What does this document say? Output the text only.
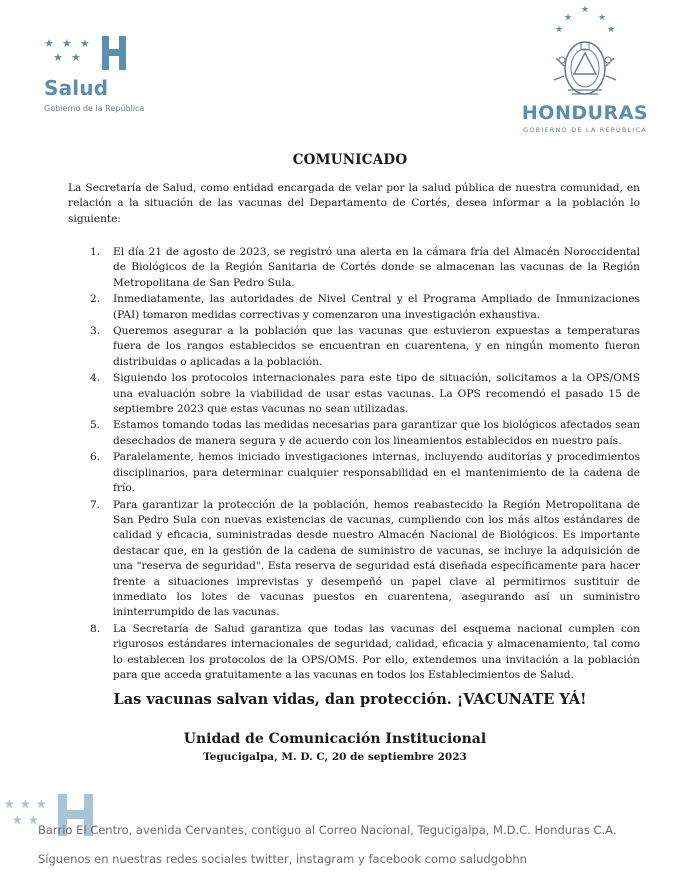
★ ★ ★
★ ★
Salud
Gobierno de la República
★
★	★
★	★
HONDURAS
GOBIERNO DE LA REPÚBLICA
COMUNICADO
La Secretaría de Salud, como entidad encargada de velar por la salud pública de nuestra comunidad, en relación a la situación de las vacunas del Departamento de Cortés, desea informar a la población lo siguiente:
1. El día 21 de agosto de 2023, se registró una alerta en la cámara fría del Almacén Noroccidental de Biológicos de la Región Sanitaria de Cortés donde se almacenan las vacunas de la Región Metropolitana de San Pedro Sula.
2. Inmediatamente, las autoridades de Nivel Central y el Programa Ampliado de Inmunizaciones (PAI) tomaron medidas correctivas y comenzaron una investigación exhaustiva.
3. Queremos asegurar a la población que las vacunas que estuvieron expuestas a temperaturas fuera de los rangos establecidos se encuentran en cuarentena, y en ningún momento fueron distribuidas o aplicadas a la población.
4. Siguiendo los protocolos internacionales para este tipo de situación, solicitamos a la OPS/OMS una evaluación sobre la viabilidad de usar estas vacunas. La OPS recomendó el pasado 15 de septiembre 2023 que estas vacunas no sean utilizadas.
5. Estamos tomando todas las medidas necesarias para garantizar que los biológicos afectados sean desechados de manera segura y de acuerdo con los lineamientos establecidos en nuestro país.
6. Paralelamente, hemos iniciado investigaciones internas, incluyendo auditorías y procedimientos disciplinarios, para determinar cualquier responsabilidad en el mantenimiento de la cadena de frío.
7. Para garantizar la protección de la población, hemos reabastecido la Región Metropolitana de San Pedro Sula con nuevas existencias de vacunas, cumpliendo con los más altos estándares de calidad y eficacia, suministradas desde nuestro Almacén Nacional de Biológicos. Es importante destacar que, en la gestión de la cadena de suministro de vacunas, se incluye la adquisición de una "reserva de seguridad". Esta reserva de seguridad está diseñada específicamente para hacer frente a situaciones imprevistas y desempeñó un papel clave al permitirnos sustituir de inmediato los lotes de vacunas puestos en cuarentena, asegurando así un suministro ininterrumpido de las vacunas.
8. La Secretaría de Salud garantiza que todas las vacunas del esquema nacional cumplen con rigurosos estándares internacionales de seguridad, calidad, eficacia y almacenamiento, tal como lo establecen los protocolos de la OPS/OMS. Por ello, extendemos una invitación a la población para que acceda gratuitamente a las vacunas en todos los Establecimientos de Salud.
Las vacunas salvan vidas, dan protección. ¡VACUNATE YÁ!
Unidad de Comunicación Institucional
Tegucigalpa, M. D. C, 20 de septiembre 2023
★ ★ ★
★ ★
Barrio El Centro, avenida Cervantes, contiguo al Correo Nacional, Tegucigalpa, M.D.C. Honduras C.A.
Síguenos en nuestras redes sociales twitter, instagram y facebook como saludgobhn
